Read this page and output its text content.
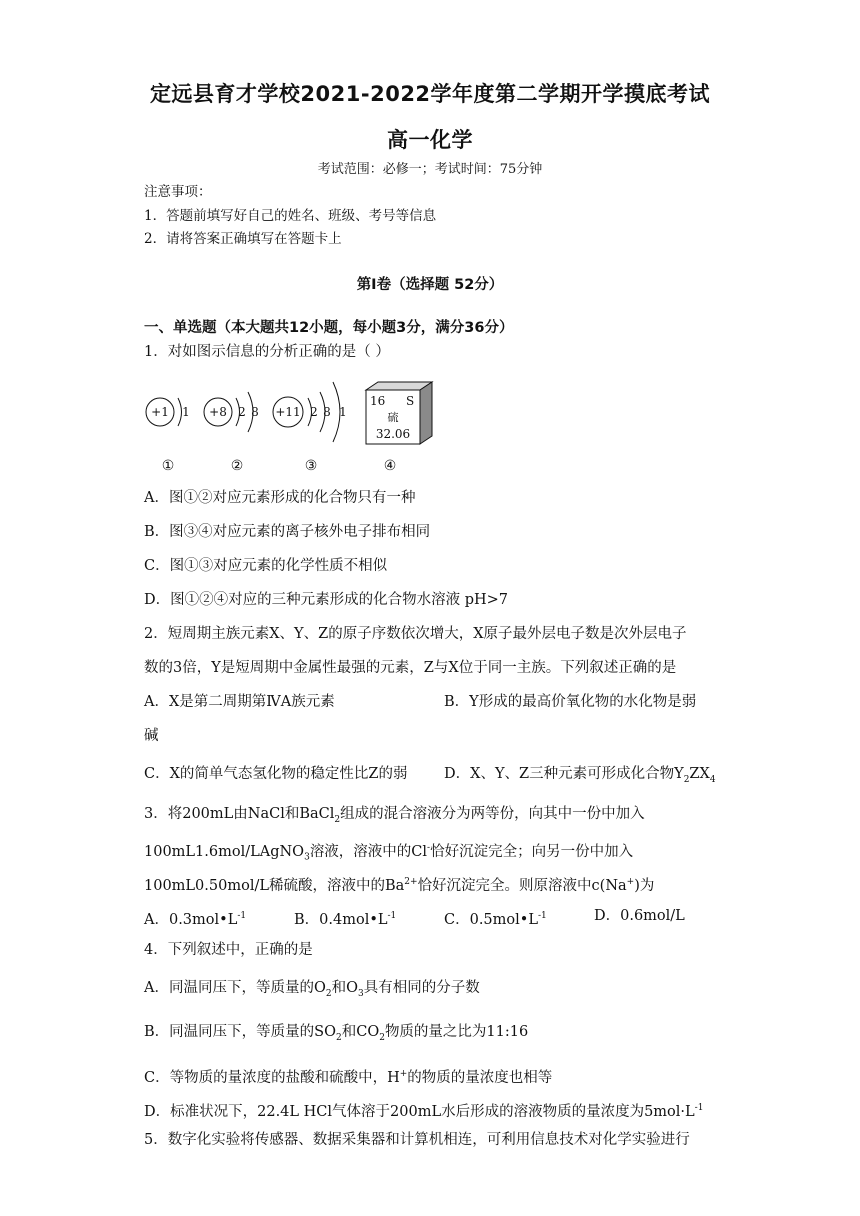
定远县育才学校2021-2022学年度第二学期开学摸底考试
高一化学
考试范围：必修一；考试时间：75分钟
注意事项：
1．答题前填写好自己的姓名、班级、考号等信息
2．请将答案正确填写在答题卡上
第Ⅰ卷（选择题 52分）
一、单选题（本大题共12小题，每小题3分，满分36分）
1．对如图示信息的分析正确的是（ ）
+1 1
①
+8 2 8
②
+11 2 8 1
③
16 S
硫
32.06
④
A．图①②对应元素形成的化合物只有一种
B．图③④对应元素的离子核外电子排布相同
C．图①③对应元素的化学性质不相似
D．图①②④对应的三种元素形成的化合物水溶液 pH>7
2．短周期主族元素X、Y、Z的原子序数依次增大，X原子最外层电子数是次外层电子
数的3倍，Y是短周期中金属性最强的元素，Z与X位于同一主族。下列叙述正确的是
A．X是第二周期第ⅣA族元素	B．Y形成的最高价氧化物的水化物是弱
碱
C．X的简单气态氢化物的稳定性比Z的弱	D．X、Y、Z三种元素可形成化合物$Y_2ZX_4$
3．将200mL由NaCl和BaCl$_2$组成的混合溶液分为两等份，向其中一份中加入
100mL1.6mol/LAgNO$_3$溶液，溶液中的Cl-恰好沉淀完全；向另一份中加入
100mL0.50mol/L稀硫酸，溶液中的$Ba^{2+}$恰好沉淀完全。则原溶液中c(Na+)为
A．$0.3mol•L^{-1}$	B．$0.4mol•L^{-1}$	C．$0.5mol•L^{-1}$	D．0.6mol/L
4．下列叙述中，正确的是
A．同温同压下，等质量的$O_2$和$O_3$具有相同的分子数
B．同温同压下，等质量的$SO_2$和$CO_2$物质的量之比为11:16
C．等物质的量浓度的盐酸和硫酸中，H+的物质的量浓度也相等
D．标准状况下，22.4L HCl气体溶于200mL水后形成的溶液物质的量浓度为$5mol\cdot L^{-1}$
5．数字化实验将传感器、数据采集器和计算机相连，可利用信息技术对化学实验进行
